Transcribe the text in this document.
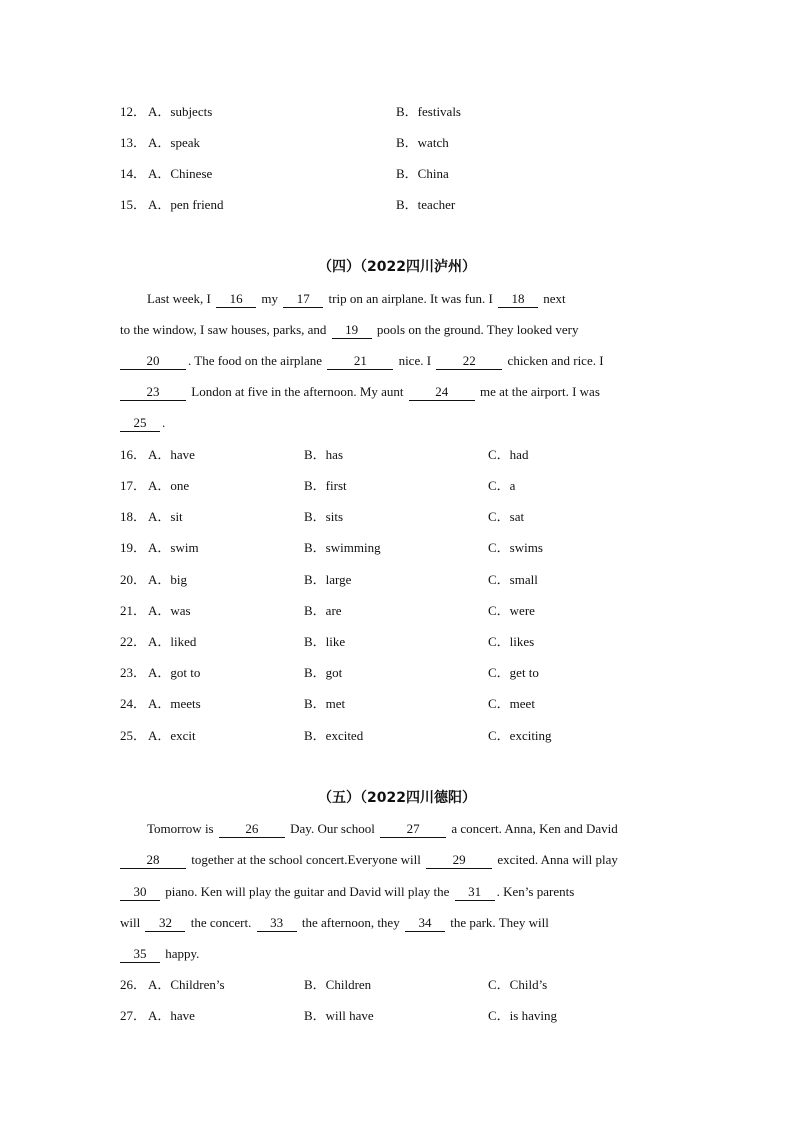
12． A．subjects	B．festivals
13． A．speak	B．watch
14． A．Chinese	B．China
15． A．pen friend	B．teacher
（四）（2022四川泸州）
Last week, I 16 my 17 trip on an airplane. It was fun. I 18 next
to the window, I saw houses, parks, and 19 pools on the ground. They looked very
20 . The food on the airplane 21 nice. I 22 chicken and rice. I
23 London at five in the afternoon. My aunt 24 me at the airport. I was
25 .
16． A．have	B．has	C．had
17． A．one	B．first	C．a
18． A．sit	B．sits	C．sat
19． A．swim	B．swimming	C．swims
20． A．big	B．large	C．small
21． A．was	B．are	C．were
22． A．liked	B．like	C．likes
23． A．got to	B．got	C．get to
24． A．meets	B．met	C．meet
25． A．excit	B．excited	C．exciting
（五）（2022四川德阳）
Tomorrow is 26 Day. Our school 27 a concert. Anna, Ken and David
28 together at the school concert.Everyone will 29 excited. Anna will play
30 piano. Ken will play the guitar and David will play the 31 . Ken’s parents
will 32 the concert. 33 the afternoon, they 34 the park. They will
35 happy.
26． A．Children’s	B．Children	C．Child’s
27． A．have	B．will have	C．is having
